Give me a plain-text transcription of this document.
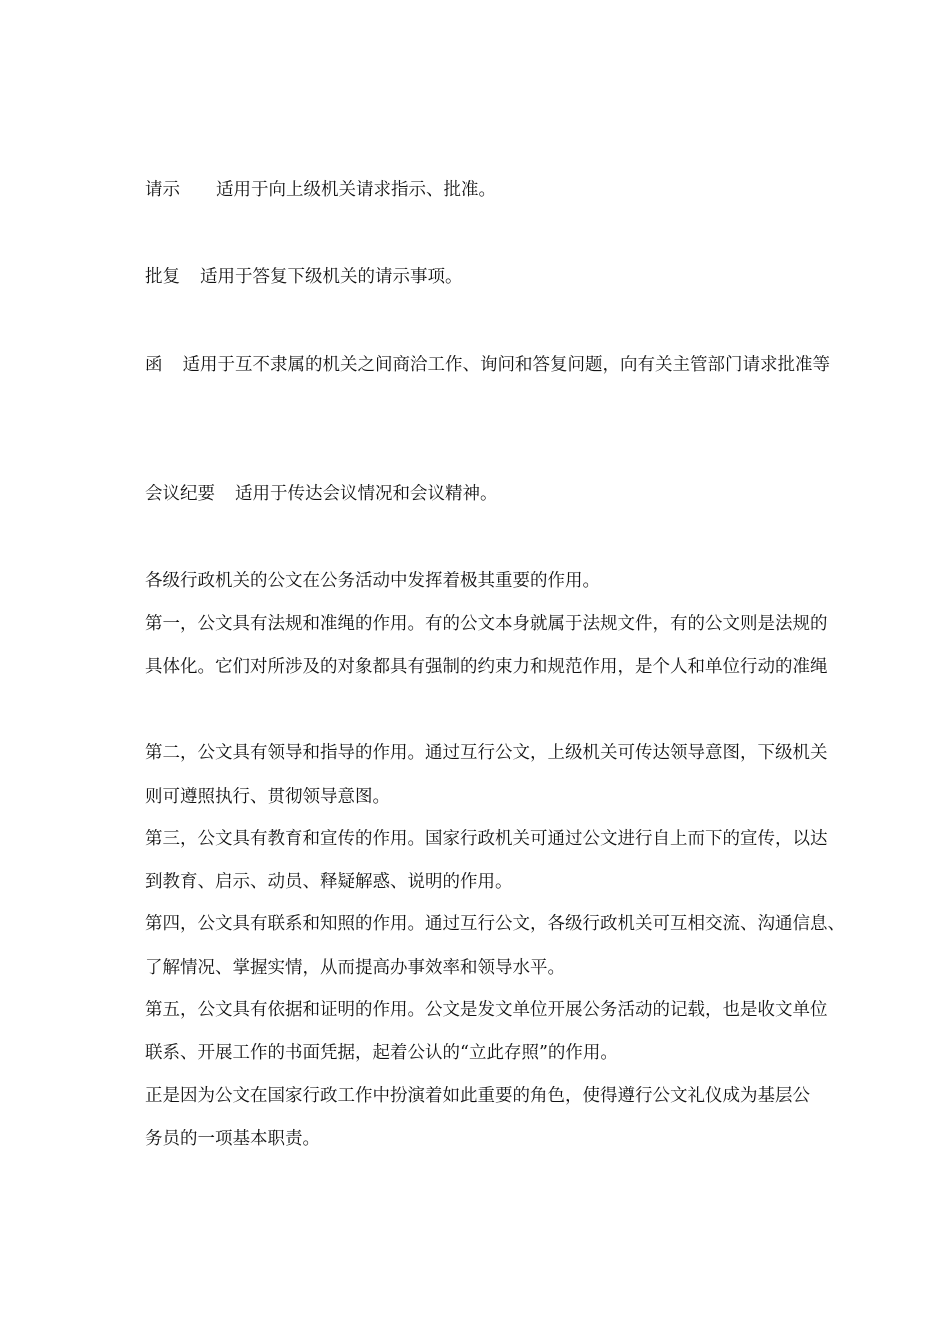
请示 适用于向上级机关请求指示、批准。
批复 适用于答复下级机关的请示事项。
函 适用于互不隶属的机关之间商洽工作、询问和答复问题，向有关主管部门请求批准等
会议纪要 适用于传达会议情况和会议精神。
各级行政机关的公文在公务活动中发挥着极其重要的作用。
第一，公文具有法规和准绳的作用。有的公文本身就属于法规文件，有的公文则是法规的
具体化。它们对所涉及的对象都具有强制的约束力和规范作用，是个人和单位行动的准绳
第二，公文具有领导和指导的作用。通过互行公文，上级机关可传达领导意图，下级机关
则可遵照执行、贯彻领导意图。
第三，公文具有教育和宣传的作用。国家行政机关可通过公文进行自上而下的宣传，以达
到教育、启示、动员、释疑解惑、说明的作用。
第四，公文具有联系和知照的作用。通过互行公文，各级行政机关可互相交流、沟通信息、
了解情况、掌握实情，从而提高办事效率和领导水平。
第五，公文具有依据和证明的作用。公文是发文单位开展公务活动的记载，也是收文单位
联系、开展工作的书面凭据，起着公认的“立此存照”的作用。
正是因为公文在国家行政工作中扮演着如此重要的角色，使得遵行公文礼仪成为基层公
务员的一项基本职责。
